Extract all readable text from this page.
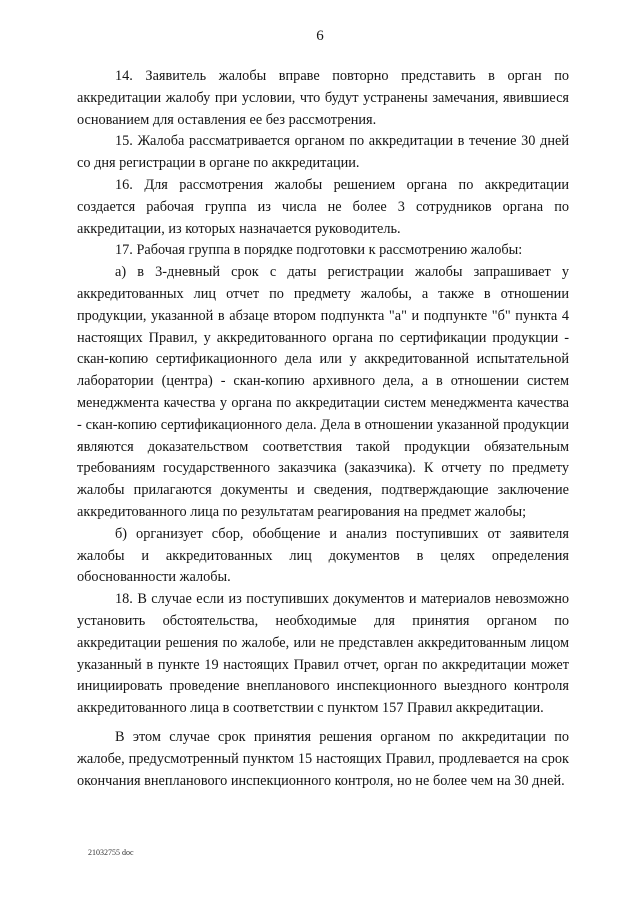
6

14. Заявитель жалобы вправе повторно представить в орган по аккредитации жалобу при условии, что будут устранены замечания, явившиеся основанием для оставления ее без рассмотрения.

15. Жалоба рассматривается органом по аккредитации в течение 30 дней со дня регистрации в органе по аккредитации.

16. Для рассмотрения жалобы решением органа по аккредитации создается рабочая группа из числа не более 3 сотрудников органа по аккредитации, из которых назначается руководитель.

17. Рабочая группа в порядке подготовки к рассмотрению жалобы:

а) в 3-дневный срок с даты регистрации жалобы запрашивает у аккредитованных лиц отчет по предмету жалобы, а также в отношении продукции, указанной в абзаце втором подпункта "а" и подпункте "б" пункта 4 настоящих Правил, у аккредитованного органа по сертификации продукции - скан-копию сертификационного дела или у аккредитованной испытательной лаборатории (центра) - скан-копию архивного дела, а в отношении систем менеджмента качества у органа по аккредитации систем менеджмента качества - скан-копию сертификационного дела. Дела в отношении указанной продукции являются доказательством соответствия такой продукции обязательным требованиям государственного заказчика (заказчика). К отчету по предмету жалобы прилагаются документы и сведения, подтверждающие заключение аккредитованного лица по результатам реагирования на предмет жалобы;

б) организует сбор, обобщение и анализ поступивших от заявителя жалобы и аккредитованных лиц документов в целях определения обоснованности жалобы.

18. В случае если из поступивших документов и материалов невозможно установить обстоятельства, необходимые для принятия органом по аккредитации решения по жалобе, или не представлен аккредитованным лицом указанный в пункте 19 настоящих Правил отчет, орган по аккредитации может инициировать проведение внепланового инспекционного выездного контроля аккредитованного лица в соответствии с пунктом 157 Правил аккредитации.

В этом случае срок принятия решения органом по аккредитации по жалобе, предусмотренный пунктом 15 настоящих Правил, продлевается на срок окончания внепланового инспекционного контроля, но не более чем на 30 дней.

21032755 doc
